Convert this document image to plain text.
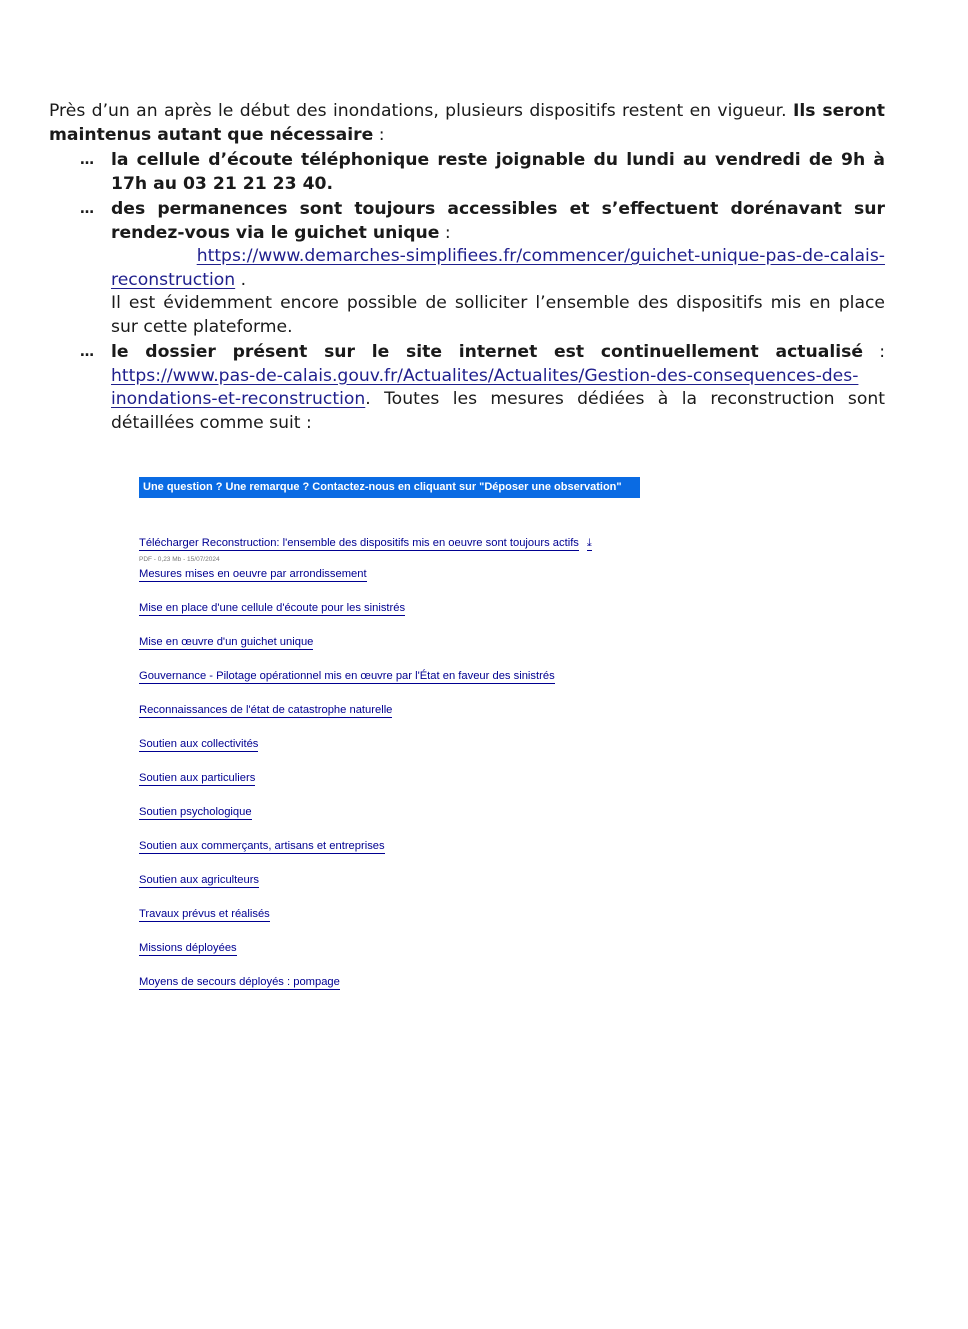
Près d’un an après le début des inondations, plusieurs dispositifs restent en vigueur. Ils seront maintenus autant que nécessaire :

… la cellule d’écoute téléphonique reste joignable du lundi au vendredi de 9h à 17h au 03 21 21 23 40.
… des permanences sont toujours accessibles et s’effectuent dorénavant sur rendez-vous via le guichet unique :
https://www.demarches-simplifiees.fr/commencer/guichet-unique-pas-de-calais-reconstruction .
Il est évidemment encore possible de solliciter l’ensemble des dispositifs mis en place sur cette plateforme.
… le dossier présent sur le site internet est continuellement actualisé : https://www.pas-de-calais.gouv.fr/Actualites/Actualites/Gestion-des-consequences-des-inondations-et-reconstruction. Toutes les mesures dédiées à la reconstruction sont détaillées comme suit :
Une question ? Une remarque ? Contactez-nous en cliquant sur "Déposer une observation"
Télécharger Reconstruction: l'ensemble des dispositifs mis en oeuvre sont toujours actifs ⤓
PDF - 0,23 Mb - 15/07/2024
Mesures mises en oeuvre par arrondissement
Mise en place d'une cellule d'écoute pour les sinistrés
Mise en œuvre d'un guichet unique
Gouvernance - Pilotage opérationnel mis en œuvre par l'État en faveur des sinistrés
Reconnaissances de l'état de catastrophe naturelle
Soutien aux collectivités
Soutien aux particuliers
Soutien psychologique
Soutien aux commerçants, artisans et entreprises
Soutien aux agriculteurs
Travaux prévus et réalisés
Missions déployées
Moyens de secours déployés : pompage
